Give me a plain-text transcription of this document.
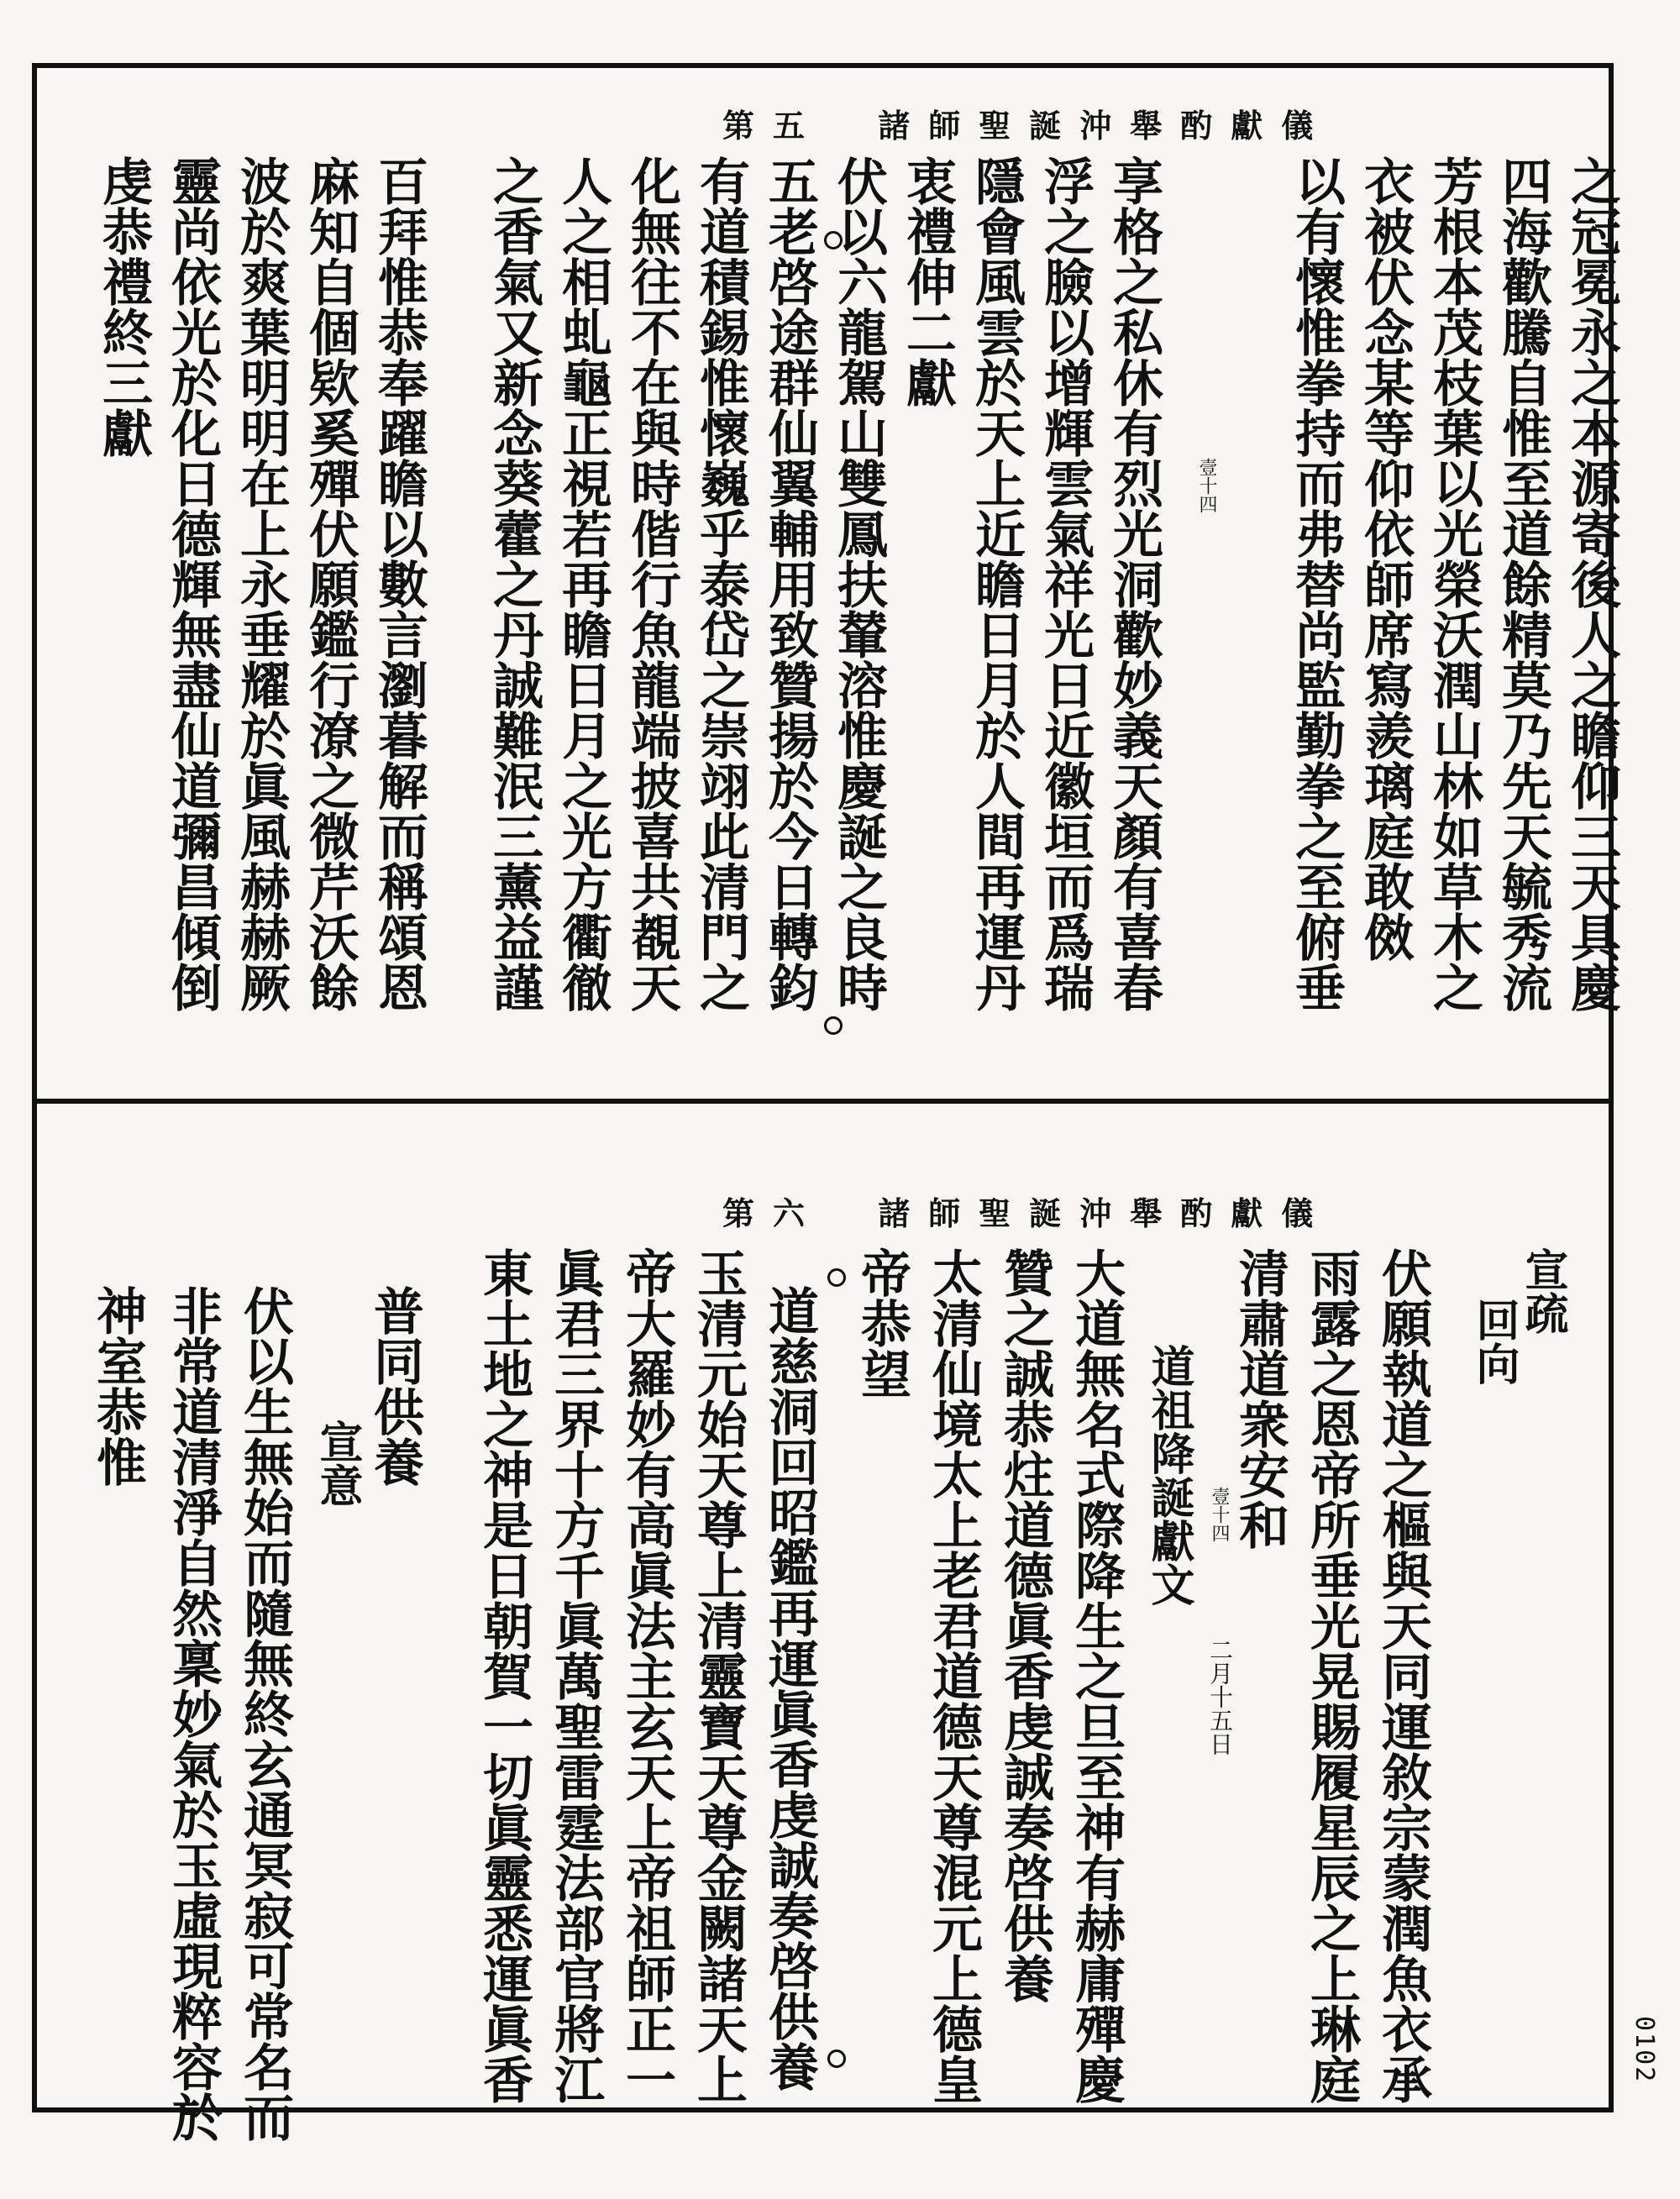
第五 諸師聖誕沖舉酌獻儀
之冠冕永之本源寄後人之瞻仰三天具慶
四海歡騰自惟至道餘精莫乃先天毓秀流
芳根本茂枝葉以光榮沃潤山林如草木之
衣被伏念某等仰依師席寫羨璃庭敢傚
以有懷惟拳持而弗替尚監勤拳之至俯垂
享格之私休有烈光洞歡妙義天顏有喜春
浮之臉以增輝雲氣祥光日近徽垣而爲瑞
隱會風雲於天上近瞻日月於人間再運丹
衷禮伸二獻
伏以六龍駕山雙鳳扶輦溶惟慶誕之良時
五老啓途群仙翼輔用致贊揚於今日轉鈞
有道積錫惟懷巍乎泰岱之崇翊此清門之
化無往不在與時偕行魚龍端披喜共覩天
人之相虬龜正視若再瞻日月之光方衢徹
之香氣又新念葵藿之丹誠難泯三薰益謹
百拜惟恭奉躍瞻以數言瀏暮解而稱頌恩
麻知自個欵奚殫伏願鑑行潦之微芹沃餘
波於爽葉明明在上永垂耀於眞風赫赫厥
靈尚依光於化日德輝無盡仙道彌昌傾倒
虔恭禮終三獻
壹十四
第六 諸師聖誕沖舉酌獻儀
宣疏
回向
伏願執道之樞與天同運敘宗蒙潤魚衣承
雨露之恩帝所垂光晃賜履星辰之上琳庭
清肅道衆安和
道祖降誕獻文
大道無名式際降生之旦至神有赫庸殫慶
贊之誠恭炷道德眞香虔誠奏啓供養
太清仙境太上老君道德天尊混元上德皇
帝恭望
道慈洞回昭鑑再運眞香虔誠奏啓供養
玉清元始天尊上清靈寶天尊金闕諸天上
帝大羅妙有高眞法主玄天上帝祖師正一
眞君三界十方千眞萬聖雷霆法部官將江
東土地之神是日朝賀一切眞靈悉運眞香
普同供養
宣意
伏以生無始而隨無終玄通冥寂可常名而
非常道清淨自然稟妙氣於玉虛現粹容於
神室恭惟
二月十五日
壹十四
0102
